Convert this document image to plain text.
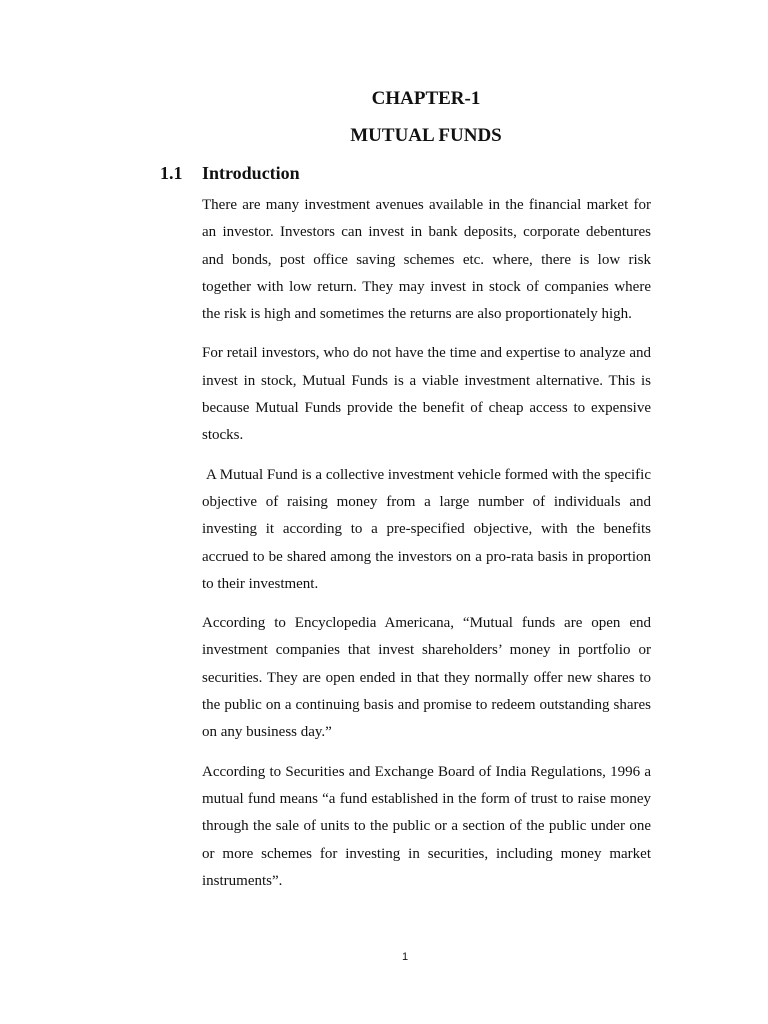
CHAPTER-1
MUTUAL FUNDS
1.1 Introduction

There are many investment avenues available in the financial market for an investor. Investors can invest in bank deposits, corporate debentures and bonds, post office saving schemes etc. where, there is low risk together with low return. They may invest in stock of companies where the risk is high and sometimes the returns are also proportionately high.

For retail investors, who do not have the time and expertise to analyze and invest in stock, Mutual Funds is a viable investment alternative. This is because Mutual Funds provide the benefit of cheap access to expensive stocks.

A Mutual Fund is a collective investment vehicle formed with the specific objective of raising money from a large number of individuals and investing it according to a pre-specified objective, with the benefits accrued to be shared among the investors on a pro-rata basis in proportion to their investment.

According to Encyclopedia Americana, “Mutual funds are open end investment companies that invest shareholders’ money in portfolio or securities. They are open ended in that they normally offer new shares to the public on a continuing basis and promise to redeem outstanding shares on any business day.”

According to Securities and Exchange Board of India Regulations, 1996 a mutual fund means “a fund established in the form of trust to raise money through the sale of units to the public or a section of the public under one or more schemes for investing in securities, including money market instruments”.

1
